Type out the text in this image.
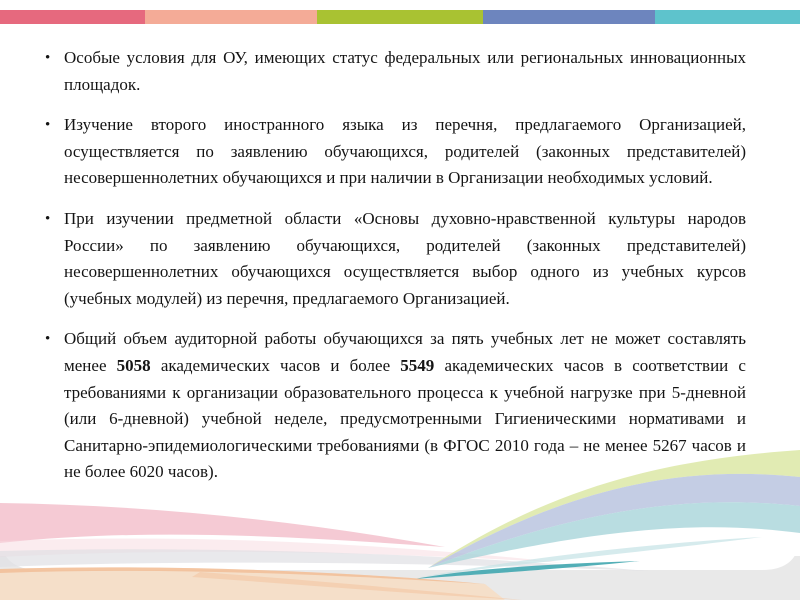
• Особые условия для ОУ, имеющих статус федеральных или региональных инновационных площадок.
• Изучение второго иностранного языка из перечня, предлагаемого Организацией, осуществляется по заявлению обучающихся, родителей (законных представителей) несовершеннолетних обучающихся и при наличии в Организации необходимых условий.
• При изучении предметной области «Основы духовно-нравственной культуры народов России» по заявлению обучающихся, родителей (законных представителей) несовершеннолетних обучающихся осуществляется выбор одного из учебных курсов (учебных модулей) из перечня, предлагаемого Организацией.
• Общий объем аудиторной работы обучающихся за пять учебных лет не может составлять менее 5058 академических часов и более 5549 академических часов в соответствии с требованиями к организации образовательного процесса к учебной нагрузке при 5-дневной (или 6-дневной) учебной неделе, предусмотренными Гигиеническими нормативами и Санитарно-эпидемиологическими требованиями (в ФГОС 2010 года – не менее 5267 часов и не более 6020 часов).
